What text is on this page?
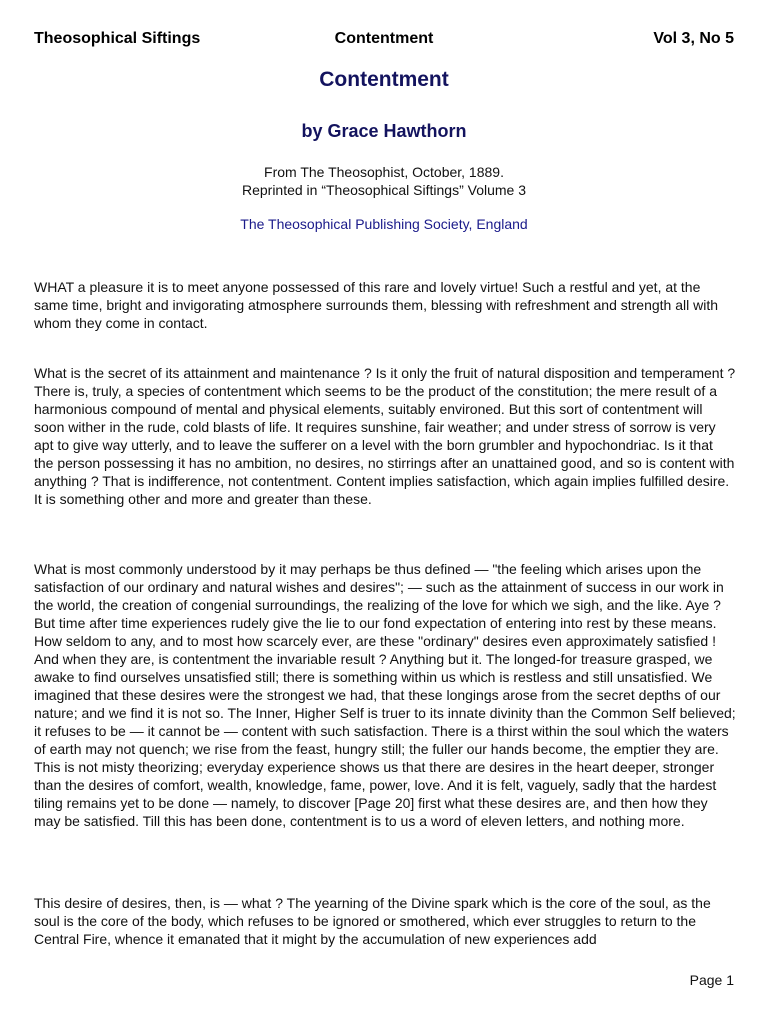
Contentment
Theosophical Siftings	Vol 3, No 5
Contentment
by Grace Hawthorn
From The Theosophist, October, 1889.
Reprinted in “Theosophical Siftings” Volume 3
The Theosophical Publishing Society, England

WHAT a pleasure it is to meet anyone possessed of this rare and lovely virtue! Such a restful and yet, at the same time, bright and invigorating atmosphere surrounds them, blessing with refreshment and strength all with whom they come in contact.

What is the secret of its attainment and maintenance ? Is it only the fruit of natural disposition and temperament ? There is, truly, a species of contentment which seems to be the product of the constitution; the mere result of a harmonious compound of mental and physical elements, suitably environed. But this sort of contentment will soon wither in the rude, cold blasts of life. It requires sunshine, fair weather; and under stress of sorrow is very apt to give way utterly, and to leave the sufferer on a level with the born grumbler and hypochondriac. Is it that the person possessing it has no ambition, no desires, no stirrings after an unattained good, and so is content with anything ? That is indifference, not contentment. Content implies satisfaction, which again implies fulfilled desire. It is something other and more and greater than these.

What is most commonly understood by it may perhaps be thus defined — "the feeling which arises upon the satisfaction of our ordinary and natural wishes and desires"; — such as the attainment of success in our work in the world, the creation of congenial surroundings, the realizing of the love for which we sigh, and the like. Aye ? But time after time experiences rudely give the lie to our fond expectation of entering into rest by these means. How seldom to any, and to most how scarcely ever, are these "ordinary" desires even approximately satisfied ! And when they are, is contentment the invariable result ? Anything but it. The longed-for treasure grasped, we awake to find ourselves unsatisfied still; there is something within us which is restless and still unsatisfied. We imagined that these desires were the strongest we had, that these longings arose from the secret depths of our nature; and we find it is not so. The Inner, Higher Self is truer to its innate divinity than the Common Self believed; it refuses to be — it cannot be — content with such satisfaction. There is a thirst within the soul which the waters of earth may not quench; we rise from the feast, hungry still; the fuller our hands become, the emptier they are. This is not misty theorizing; everyday experience shows us that there are desires in the heart deeper, stronger than the desires of comfort, wealth, knowledge, fame, power, love. And it is felt, vaguely, sadly that the hardest tiling remains yet to be done — namely, to discover [Page 20] first what these desires are, and then how they may be satisfied. Till this has been done, contentment is to us a word of eleven letters, and nothing more.

This desire of desires, then, is — what ? The yearning of the Divine spark which is the core of the soul, as the soul is the core of the body, which refuses to be ignored or smothered, which ever struggles to return to the Central Fire, whence it emanated that it might by the accumulation of new experiences add

Page 1
